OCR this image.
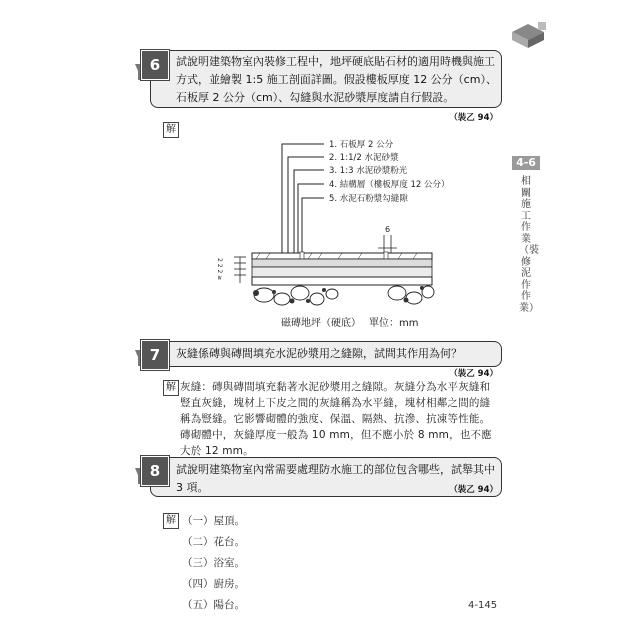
6	試說明建築物室內裝修工程中，地坪硬底貼石材的適用時機與施工方式，並繪製 1:5 施工剖面詳圖。假設樓板厚度 12 公分（cm）、石板厚 2 公分（cm）、勾縫與水泥砂漿厚度請自行假設。
（裝乙 94）
解
1. 石板厚 2 公分
2. 1:1/2 水泥砂漿
3. 1:3 水泥砂漿粉光
4. 結構層（樓板厚度 12 公分）
5. 水泥石粉漿勾縫隙
6
2 2 2 ≥
磁磚地坪（硬底） 單位：mm
7	灰縫係磚與磚間填充水泥砂漿用之縫隙，試問其作用為何？
（裝乙 94）
解 灰縫：磚與磚間填充黏著水泥砂漿用之縫隙。灰縫分為水平灰縫和豎直灰縫，塊材上下皮之間的灰縫稱為水平縫，塊材相鄰之間的縫稱為豎縫。它影響砌體的強度、保溫、隔熱、抗滲、抗凍等性能。磚砌體中，灰縫厚度一般為 10 mm，但不應小於 8 mm，也不應大於 12 mm。
8	試說明建築物室內常需要處理防水施工的部位包含哪些，試舉其中 3 項。	（裝乙 94）
解 （一）屋頂。
（二）花台。
（三）浴室。
（四）廚房。
（五）陽台。
4-6
相關施工作業（裝修泥作作業）
4-145
